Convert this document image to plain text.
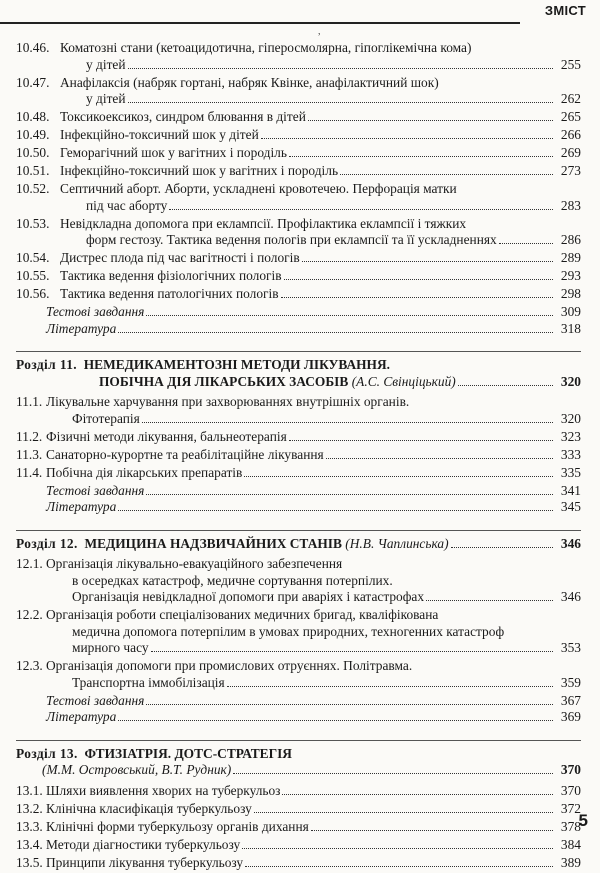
ЗМІСТ
,
10.46. Коматозні стани (кетоацидотична, гіперосмолярна, гіпоглікемічна кома)
у дітей	255
10.47. Анафілаксія (набряк гортані, набряк Квінке, анафілактичний шок)
у дітей	262
10.48. Токсикоексикоз, синдром блювання в дітей	265
10.49. Інфекційно-токсичний шок у дітей	266
10.50. Геморагічний шок у вагітних і породіль	269
10.51. Інфекційно-токсичний шок у вагітних і породіль	273
10.52. Септичний аборт. Аборти, ускладнені кровотечею. Перфорація матки
під час аборту	283
10.53. Невідкладна допомога при еклампсії. Профілактика еклампсії і тяжких
форм гестозу. Тактика ведення пологів при еклампсії та її ускладненнях	286
10.54. Дистрес плода під час вагітності і пологів	289
10.55. Тактика ведення фізіологічних пологів	293
10.56. Тактика ведення патологічних пологів	298
Тестові завдання	309
Література	318
Розділ 11. НЕМЕДИКАМЕНТОЗНІ МЕТОДИ ЛІКУВАННЯ.
ПОБІЧНА ДІЯ ЛІКАРСЬКИХ ЗАСОБІВ
(А.С. Свінціцький)	320
11.1. Лікувальне харчування при захворюваннях внутрішніх органів.
Фітотерапія	320
11.2. Фізичні методи лікування, бальнеотерапія	323
11.3. Санаторно-курортне та реабілітаційне лікування	333
11.4. Побічна дія лікарських препаратів	335
Тестові завдання	341
Література	345
Розділ 12.
МЕДИЦИНА НАДЗВИЧАЙНИХ СТАНІВ
(Н.В. Чаплинська)	346
12.1. Організація лікувально-евакуаційного забезпечення
в осередках катастроф, медичне сортування потерпілих.
Організація невідкладної допомоги при аваріях і катастрофах	346
12.2. Організація роботи спеціалізованих медичних бригад, кваліфікована
медична допомога потерпілим в умовах природних, техногенних катастроф
мирного часу	353
12.3. Організація допомоги при промислових отруєннях. Політравма.
Транспортна іммобілізація	359
Тестові завдання	367
Література	369
Розділ 13. ФТИЗІАТРІЯ. ДОТС-СТРАТЕГІЯ
(М.М. Островський, В.Т. Рудник)	370
13.1. Шляхи виявлення хворих на туберкульоз	370
13.2. Клінічна класифікація туберкульозу	372
13.3. Клінічні форми туберкульозу органів дихання	378
13.4. Методи діагностики туберкульозу	384
13.5. Принципи лікування туберкульозу	389
5
